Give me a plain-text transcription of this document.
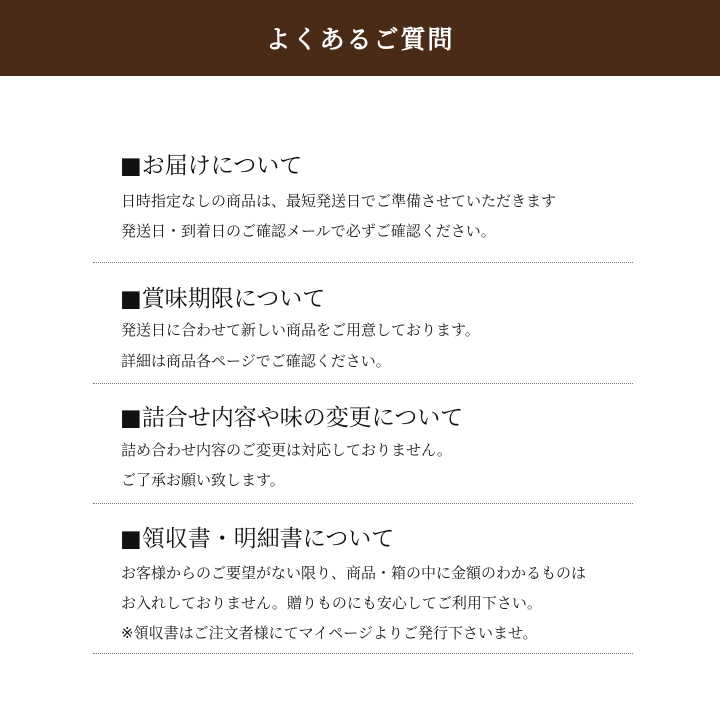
よくあるご質問
■お届けについて
日時指定なしの商品は、最短発送日でご準備させていただきます
発送日・到着日のご確認メールで必ずご確認ください。
■賞味期限について
発送日に合わせて新しい商品をご用意しております。
詳細は商品各ページでご確認ください。
■詰合せ内容や味の変更について
詰め合わせ内容のご変更は対応しておりません。
ご了承お願い致します。
■領収書・明細書について
お客様からのご要望がない限り、商品・箱の中に金額のわかるものは
お入れしておりません。贈りものにも安心してご利用下さい。
※領収書はご注文者様にてマイページよりご発行下さいませ。
